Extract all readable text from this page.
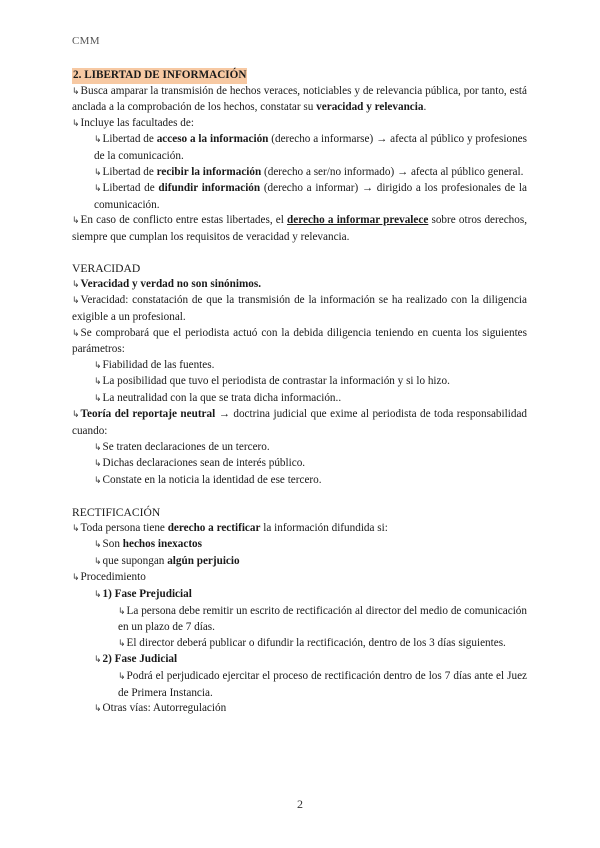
CMM
2. LIBERTAD DE INFORMACIÓN

↳Busca amparar la transmisión de hechos veraces, noticiables y de relevancia pública, por tanto, está anclada a la comprobación de los hechos, constatar su veracidad y relevancia.

↳Incluye las facultades de:

↳Libertad de acceso a la información (derecho a informarse) → afecta al público y profesiones de la comunicación.

↳Libertad de recibir la información (derecho a ser/no informado) → afecta al público general.

↳Libertad de difundir información (derecho a informar) → dirigido a los profesionales de la comunicación.

↳En caso de conflicto entre estas libertades, el derecho a informar prevalece sobre otros derechos, siempre que cumplan los requisitos de veracidad y relevancia.

VERACIDAD

↳Veracidad y verdad no son sinónimos.

↳Veracidad: constatación de que la transmisión de la información se ha realizado con la diligencia exigible a un profesional.

↳Se comprobará que el periodista actuó con la debida diligencia teniendo en cuenta los siguientes parámetros:

↳Fiabilidad de las fuentes.

↳La posibilidad que tuvo el periodista de contrastar la información y si lo hizo.

↳La neutralidad con la que se trata dicha información..

↳Teoría del reportaje neutral → doctrina judicial que exime al periodista de toda responsabilidad cuando:

↳Se traten declaraciones de un tercero.

↳Dichas declaraciones sean de interés público.

↳Constate en la noticia la identidad de ese tercero.

RECTIFICACIÓN

↳Toda persona tiene derecho a rectificar la información difundida si:

↳Son hechos inexactos

↳que supongan algún perjuicio

↳Procedimiento

↳1) Fase Prejudicial

↳La persona debe remitir un escrito de rectificación al director del medio de comunicación en un plazo de 7 días.

↳El director deberá publicar o difundir la rectificación, dentro de los 3 días siguientes.

↳2) Fase Judicial

↳Podrá el perjudicado ejercitar el proceso de rectificación dentro de los 7 días ante el Juez de Primera Instancia.

↳Otras vías: Autorregulación

2
